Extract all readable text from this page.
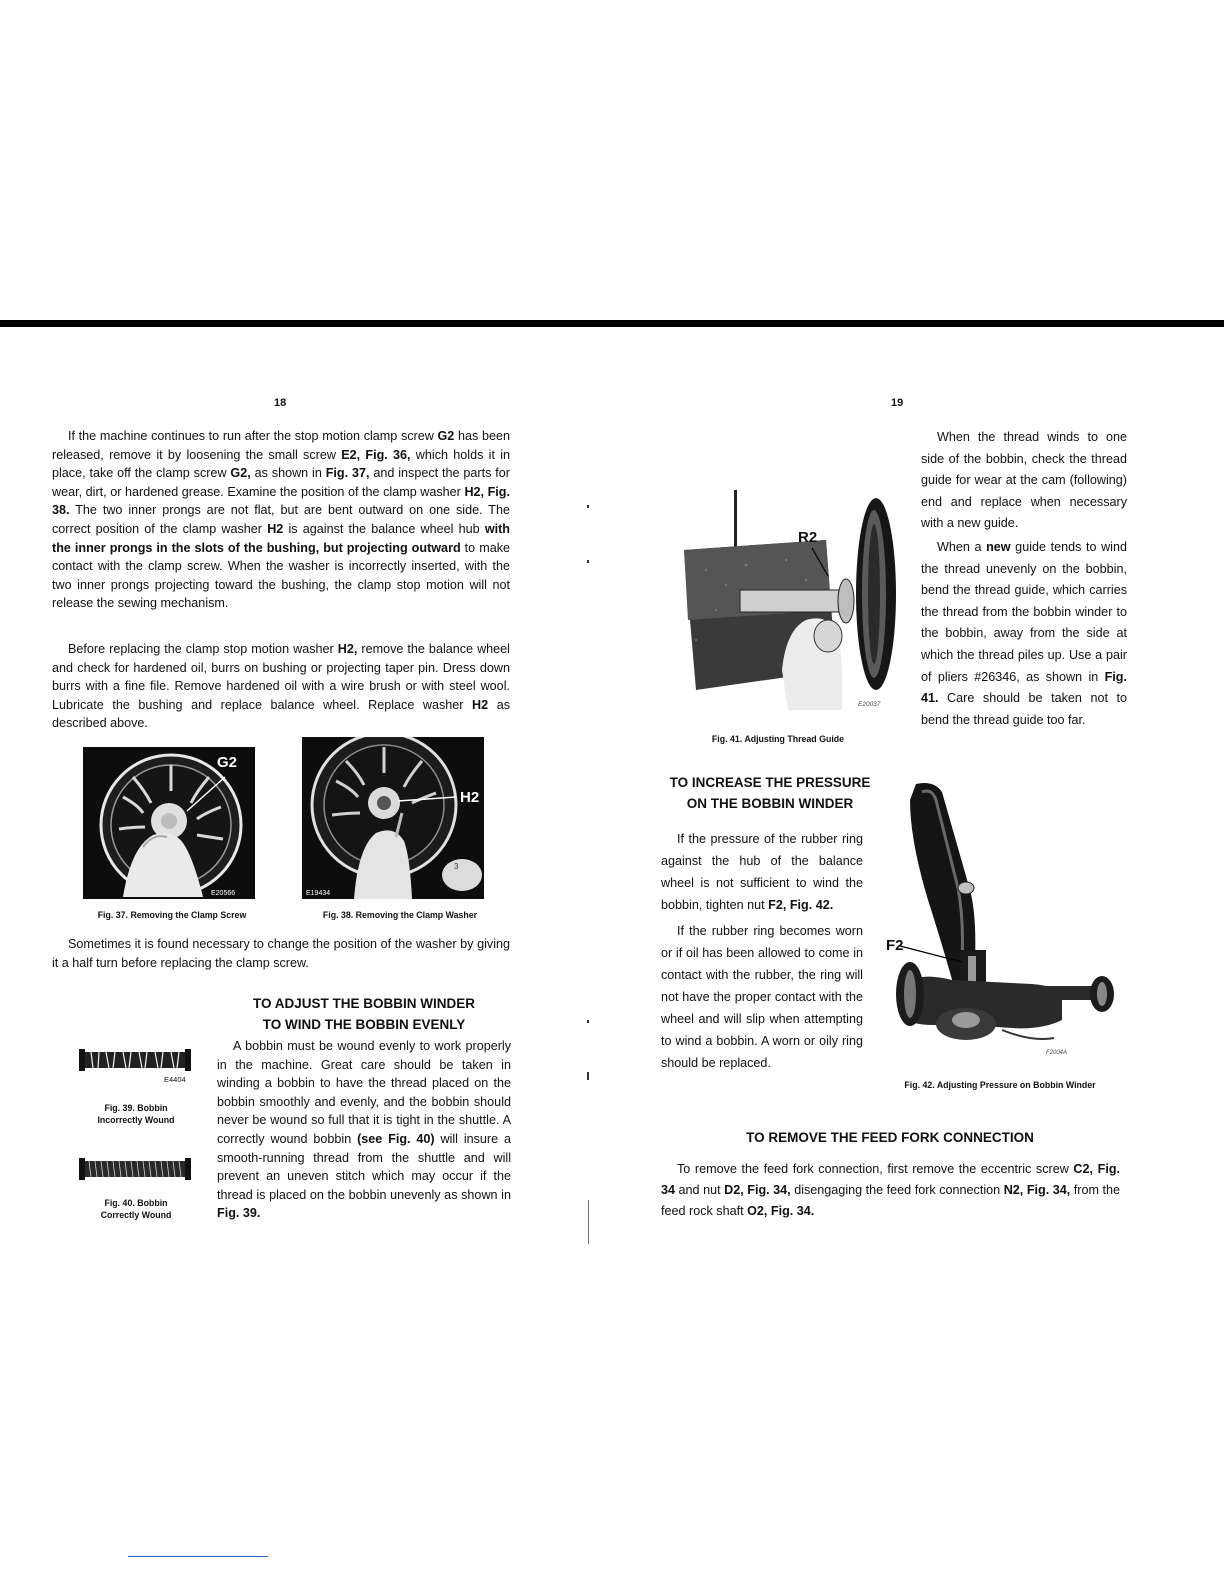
18

If the machine continues to run after the stop motion clamp screw G2 has been released, remove it by loosening the small screw E2, Fig. 36, which holds it in place, take off the clamp screw G2, as shown in Fig. 37, and inspect the parts for wear, dirt, or hardened grease. Examine the position of the clamp washer H2, Fig. 38. The two inner prongs are not flat, but are bent outward on one side. The correct position of the clamp washer H2 is against the balance wheel hub with the inner prongs in the slots of the bushing, but projecting outward to make contact with the clamp screw. When the washer is incorrectly inserted, with the two inner prongs projecting toward the bushing, the clamp stop motion will not release the sewing mechanism.

Before replacing the clamp stop motion washer H2, remove the balance wheel and check for hardened oil, burrs on bushing or projecting taper pin. Dress down burrs with a fine file. Remove hardened oil with a wire brush or with steel wool. Lubricate the bushing and replace balance wheel. Replace washer H2 as described above.

G2
E20566
Fig. 37. Removing the Clamp Screw
3
H2
E19434
Fig. 38. Removing the Clamp Washer

Sometimes it is found necessary to change the position of the washer by giving it a half turn before replacing the clamp screw.

TO ADJUST THE BOBBIN WINDER
TO WIND THE BOBBIN EVENLY
E4404
Fig. 39. Bobbin
Incorrectly Wound
Fig. 40. Bobbin
Correctly Wound

A bobbin must be wound evenly to work properly in the machine. Great care should be taken in winding a bobbin to have the thread placed on the bobbin smoothly and evenly, and the bobbin should never be wound so full that it is tight in the shuttle. A correctly wound bobbin (see Fig. 40) will insure a smooth-running thread from the shuttle and will prevent an uneven stitch which may occur if the thread is placed on the bobbin unevenly as shown in Fig. 39.

19
R2
E20037
Fig. 41. Adjusting Thread Guide

When the thread winds to one side of the bobbin, check the thread guide for wear at the cam (following) end and replace when necessary with a new guide.

When a new guide tends to wind the thread unevenly on the bobbin, bend the thread guide, which carries the thread from the bobbin winder to the bobbin, away from the side at which the thread piles up. Use a pair of pliers #26346, as shown in Fig. 41. Care should be taken not to bend the thread guide too far.

TO INCREASE THE PRESSURE
ON THE BOBBIN WINDER

If the pressure of the rubber ring against the hub of the balance wheel is not sufficient to wind the bobbin, tighten nut F2, Fig. 42.

If the rubber ring becomes worn or if oil has been allowed to come in contact with the rubber, the ring will not have the proper contact with the wheel and will slip when attempting to wind a bobbin. A worn or oily ring should be replaced.

F2
F2004A
Fig. 42. Adjusting Pressure on Bobbin Winder
TO REMOVE THE FEED FORK CONNECTION

To remove the feed fork connection, first remove the eccentric screw C2, Fig. 34 and nut D2, Fig. 34, disengaging the feed fork connection N2, Fig. 34, from the feed rock shaft O2, Fig. 34.
